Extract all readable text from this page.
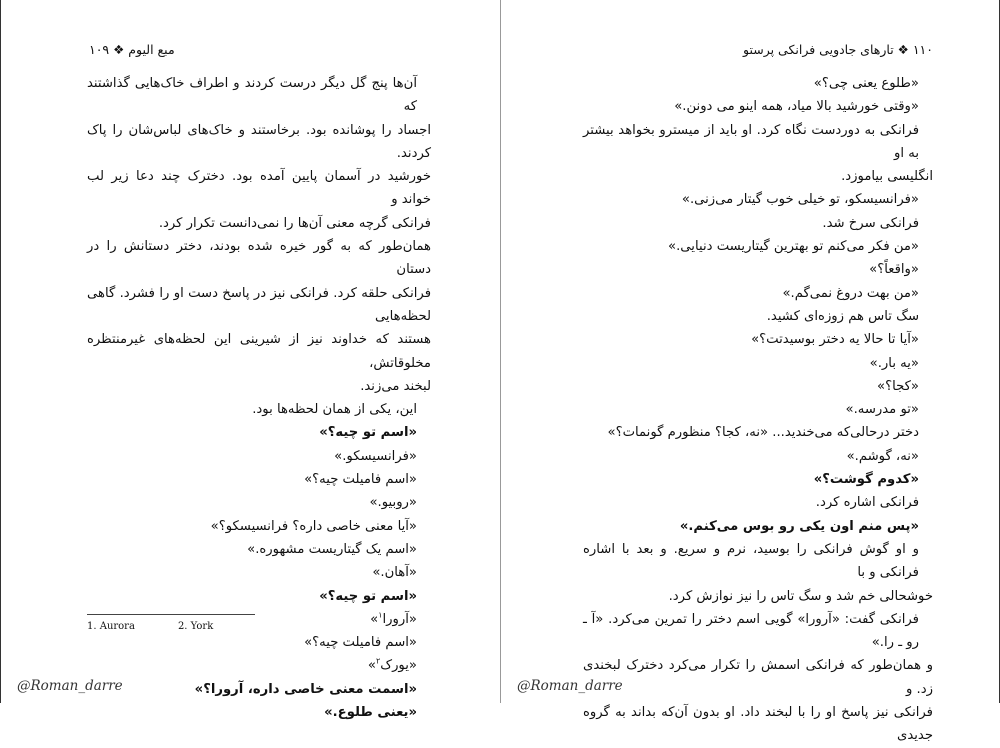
مبع الیوم ❖ ۱۰۹

آن‌ها پنج گل دیگر درست کردند و اطراف خاک‌هایی گذاشتند که

اجساد را پوشانده بود. برخاستند و خاک‌های لباس‌شان را پاک کردند.

خورشید در آسمان پایین آمده بود. دخترک چند دعا زیر لب خواند و

فرانکی گرچه معنی آن‌ها را نمی‌دانست تکرار کرد.

همان‌طور که به گور خیره شده بودند، دختر دستانش را در دستان

فرانکی حلقه کرد. فرانکی نیز در پاسخ دست او را فشرد. گاهی لحظه‌هایی

هستند که خداوند نیز از شیرینی این لحظه‌های غیرمنتظره مخلوقاتش،

لبخند می‌زند.

این، یکی از همان لحظه‌ها بود.

«اسم تو چیه؟»

«فرانسیسکو.»

«اسم فامیلت چیه؟»

«روبیو.»

«آیا معنی خاصی داره؟ فرانسیسکو؟»

«اسم یک گیتاریست مشهوره.»

«آهان.»

«اسم تو چیه؟»

«آرورا$^۱$»

«اسم فامیلت چیه؟»

«یورک$^۲$»

«اسمت معنی خاصی داره، آرورا؟»

«یعنی طلوع.»

1. Aurora	2. York
@Roman_darre
۱۱۰ ❖ تارهای جادویی فرانکی پرستو

«طلوع یعنی چی؟»

«وقتی خورشید بالا میاد، همه اینو می دونن.»

فرانکی به دوردست نگاه کرد. او باید از میسترو بخواهد بیشتر به او

انگلیسی بیاموزد.

«فرانسیسکو، تو خیلی خوب گیتار می‌زنی.»

فرانکی سرخ شد.

«من فکر می‌کنم تو بهترین گیتاریست دنیایی.»

«واقعاً؟»

«من بهت دروغ نمی‌گم.»

سگ تاس هم زوزه‌ای کشید.

«آیا تا حالا یه دختر بوسیدتت؟»

«یه بار.»

«کجا؟»

«تو مدرسه.»

دختر درحالی‌که می‌خندید... «نه، کجا؟ منظورم گونمات؟»

«نه، گوشم.»

«کدوم گوشت؟»

فرانکی اشاره کرد.

«پس منم اون یکی رو بوس می‌کنم.»

و او گوش فرانکی را بوسید، نرم و سریع. و بعد با اشاره فرانکی و با

خوشحالی خم شد و سگ تاس را نیز نوازش کرد.

فرانکی گفت: «آرورا» گویی اسم دختر را تمرین می‌کرد. «آ ـ رو ـ را.»

و همان‌طور که فرانکی اسمش را تکرار می‌کرد دخترک لبخندی زد. و

فرانکی نیز پاسخ او را با لبخند داد. او بدون آن‌که بداند به گروه جدیدی

@Roman_darre
